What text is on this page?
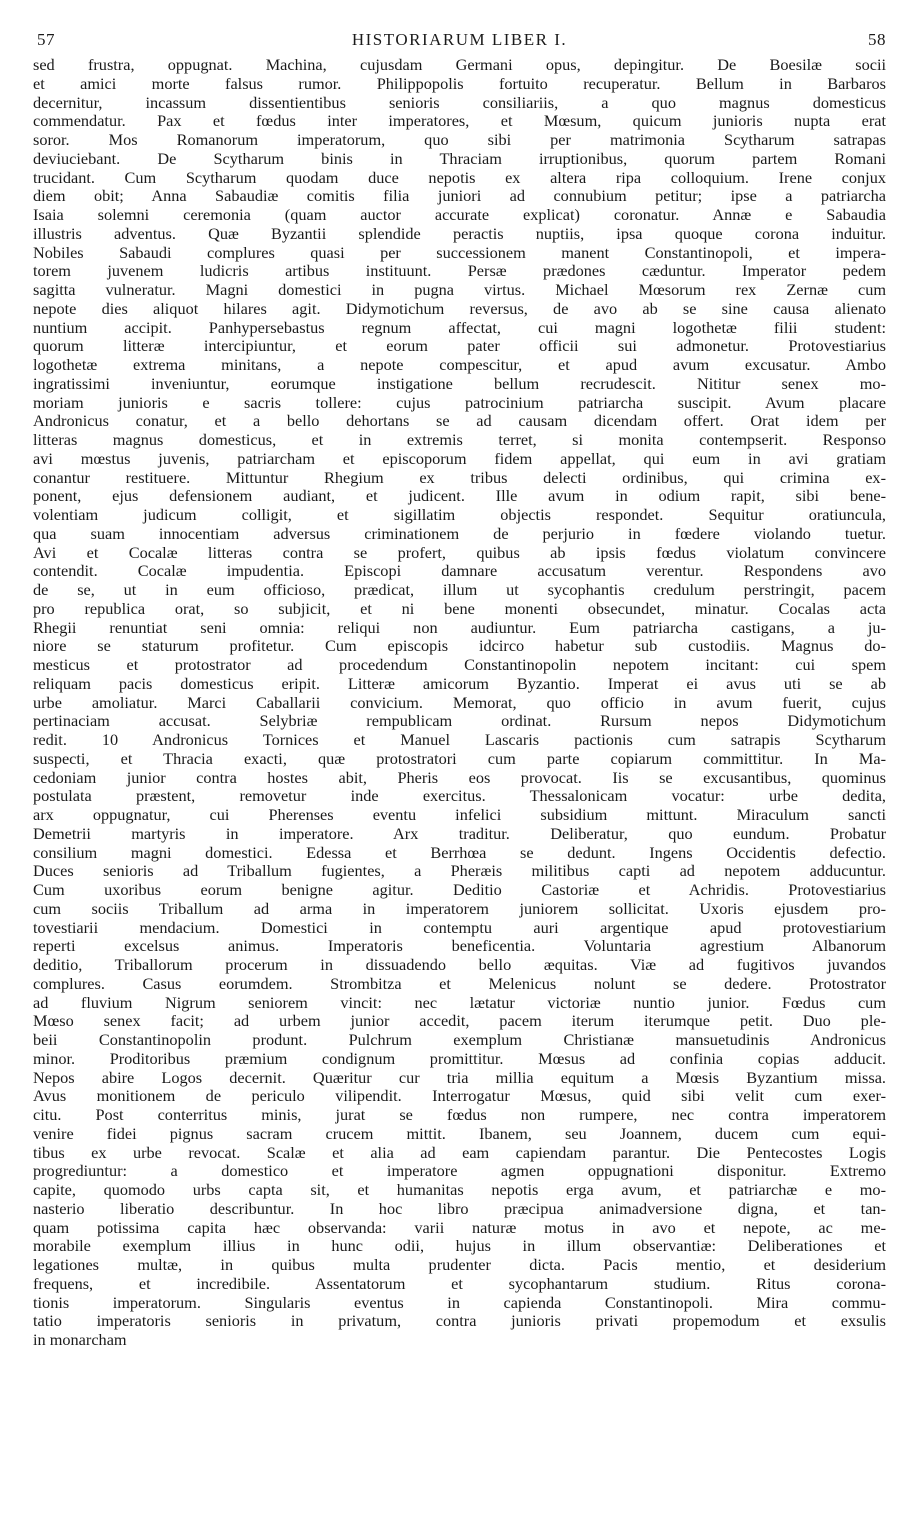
57	HISTORIARUM LIBER I.	58
sed frustra, oppugnat. Machina, cujusdam Germani opus, depingitur. De Boesilæ socii
et amici morte falsus rumor. Philippopolis fortuito recuperatur. Bellum in Barbaros
decernitur, incassum dissentientibus senioris consiliariis, a quo magnus domesticus
commendatur. Pax et fœdus inter imperatores, et Mœsum, quicum junioris nupta erat
soror. Mos Romanorum imperatorum, quo sibi per matrimonia Scytharum satrapas
deviuciebant. De Scytharum binis in Thraciam irruptionibus, quorum partem Romani
trucidant. Cum Scytharum quodam duce nepotis ex altera ripa colloquium. Irene conjux
diem obit; Anna Sabaudiæ comitis filia juniori ad connubium petitur; ipse a patriarcha
Isaia solemni ceremonia (quam auctor accurate explicat) coronatur. Annæ e Sabaudia
illustris adventus. Quæ Byzantii splendide peractis nuptiis, ipsa quoque corona induitur.
Nobiles Sabaudi complures quasi per successionem manent Constantinopoli, et impera-
torem juvenem ludicris artibus instituunt. Persæ prædones cæduntur. Imperator pedem
sagitta vulneratur. Magni domestici in pugna virtus. Michael Mœsorum rex Zernæ cum
nepote dies aliquot hilares agit. Didymotichum reversus, de avo ab se sine causa alienato
nuntium accipit. Panhypersebastus regnum affectat, cui magni logothetæ filii student:
quorum litteræ intercipiuntur, et eorum pater officii sui admonetur. Protovestiarius
logothetæ extrema minitans, a nepote compescitur, et apud avum excusatur. Ambo
ingratissimi inveniuntur, eorumque instigatione bellum recrudescit. Nititur senex mo-
moriam junioris e sacris tollere: cujus patrocinium patriarcha suscipit. Avum placare
Andronicus conatur, et a bello dehortans se ad causam dicendam offert. Orat idem per
litteras magnus domesticus, et in extremis terret, si monita contempserit. Responso
avi mœstus juvenis, patriarcham et episcoporum fidem appellat, qui eum in avi gratiam
conantur restituere. Mittuntur Rhegium ex tribus delecti ordinibus, qui crimina ex-
ponent, ejus defensionem audiant, et judicent. Ille avum in odium rapit, sibi bene-
volentiam judicum colligit, et sigillatim objectis respondet. Sequitur oratiuncula,
qua suam innocentiam adversus criminationem de perjurio in fœdere violando tuetur.
Avi et Cocalæ litteras contra se profert, quibus ab ipsis fœdus violatum convincere
contendit. Cocalæ impudentia. Episcopi damnare accusatum verentur. Respondens avo
de se, ut in eum officioso, prædicat, illum ut sycophantis credulum perstringit, pacem
pro republica orat, so subjicit, et ni bene monenti obsecundet, minatur. Cocalas acta
Rhegii renuntiat seni omnia: reliqui non audiuntur. Eum patriarcha castigans, a ju-
niore se staturum profitetur. Cum episcopis idcirco habetur sub custodiis. Magnus do-
mesticus et protostrator ad procedendum Constantinopolin nepotem incitant: cui spem
reliquam pacis domesticus eripit. Litteræ amicorum Byzantio. Imperat ei avus uti se ab
urbe amoliatur. Marci Caballarii convicium. Memorat, quo officio in avum fuerit, cujus
pertinaciam accusat. Selybriæ rempublicam ordinat. Rursum nepos Didymotichum
redit. 10 Andronicus Tornices et Manuel Lascaris pactionis cum satrapis Scytharum
suspecti, et Thracia exacti, quæ protostratori cum parte copiarum committitur. In Ma-
cedoniam junior contra hostes abit, Pheris eos provocat. Iis se excusantibus, quominus
postulata præstent, removetur inde exercitus. Thessalonicam vocatur: urbe dedita,
arx oppugnatur, cui Pherenses eventu infelici subsidium mittunt. Miraculum sancti
Demetrii martyris in imperatore. Arx traditur. Deliberatur, quo eundum. Probatur
consilium magni domestici. Edessa et Berrhœa se dedunt. Ingens Occidentis defectio.
Duces senioris ad Triballum fugientes, a Pheræis militibus capti ad nepotem adducuntur.
Cum uxoribus eorum benigne agitur. Deditio Castoriæ et Achridis. Protovestiarius
cum sociis Triballum ad arma in imperatorem juniorem sollicitat. Uxoris ejusdem pro-
tovestiarii mendacium. Domestici in contemptu auri argentique apud protovestiarium
reperti excelsus animus. Imperatoris beneficentia. Voluntaria agrestium Albanorum
deditio, Triballorum procerum in dissuadendo bello æquitas. Viæ ad fugitivos juvandos
complures. Casus eorumdem. Strombitza et Melenicus nolunt se dedere. Protostrator
ad fluvium Nigrum seniorem vincit: nec lætatur victoriæ nuntio junior. Fœdus cum
Mœso senex facit; ad urbem junior accedit, pacem iterum iterumque petit. Duo ple-
beii Constantinopolin produnt. Pulchrum exemplum Christianæ mansuetudinis Andronicus
minor. Proditoribus præmium condignum promittitur. Mœsus ad confinia copias adducit.
Nepos abire Logos decernit. Quæritur cur tria millia equitum a Mœsis Byzantium missa.
Avus monitionem de periculo vilipendit. Interrogatur Mœsus, quid sibi velit cum exer-
citu. Post conterritus minis, jurat se fœdus non rumpere, nec contra imperatorem
venire fidei pignus sacram crucem mittit. Ibanem, seu Joannem, ducem cum equi-
tibus ex urbe revocat. Scalæ et alia ad eam capiendam parantur. Die Pentecostes Logis
progrediuntur: a domestico et imperatore agmen oppugnationi disponitur. Extremo
capite, quomodo urbs capta sit, et humanitas nepotis erga avum, et patriarchæ e mo-
nasterio liberatio describuntur. In hoc libro præcipua animadversione digna, et tan-
quam potissima capita hæc observanda: varii naturæ motus in avo et nepote, ac me-
morabile exemplum illius in hunc odii, hujus in illum observantiæ: Deliberationes et
legationes multæ, in quibus multa prudenter dicta. Pacis mentio, et desiderium
frequens, et incredibile. Assentatorum et sycophantarum studium. Ritus corona-
tionis imperatorum. Singularis eventus in capienda Constantinopoli. Mira commu-
tatio imperatoris senioris in privatum, contra junioris privati propemodum et exsulis
in monarcham
